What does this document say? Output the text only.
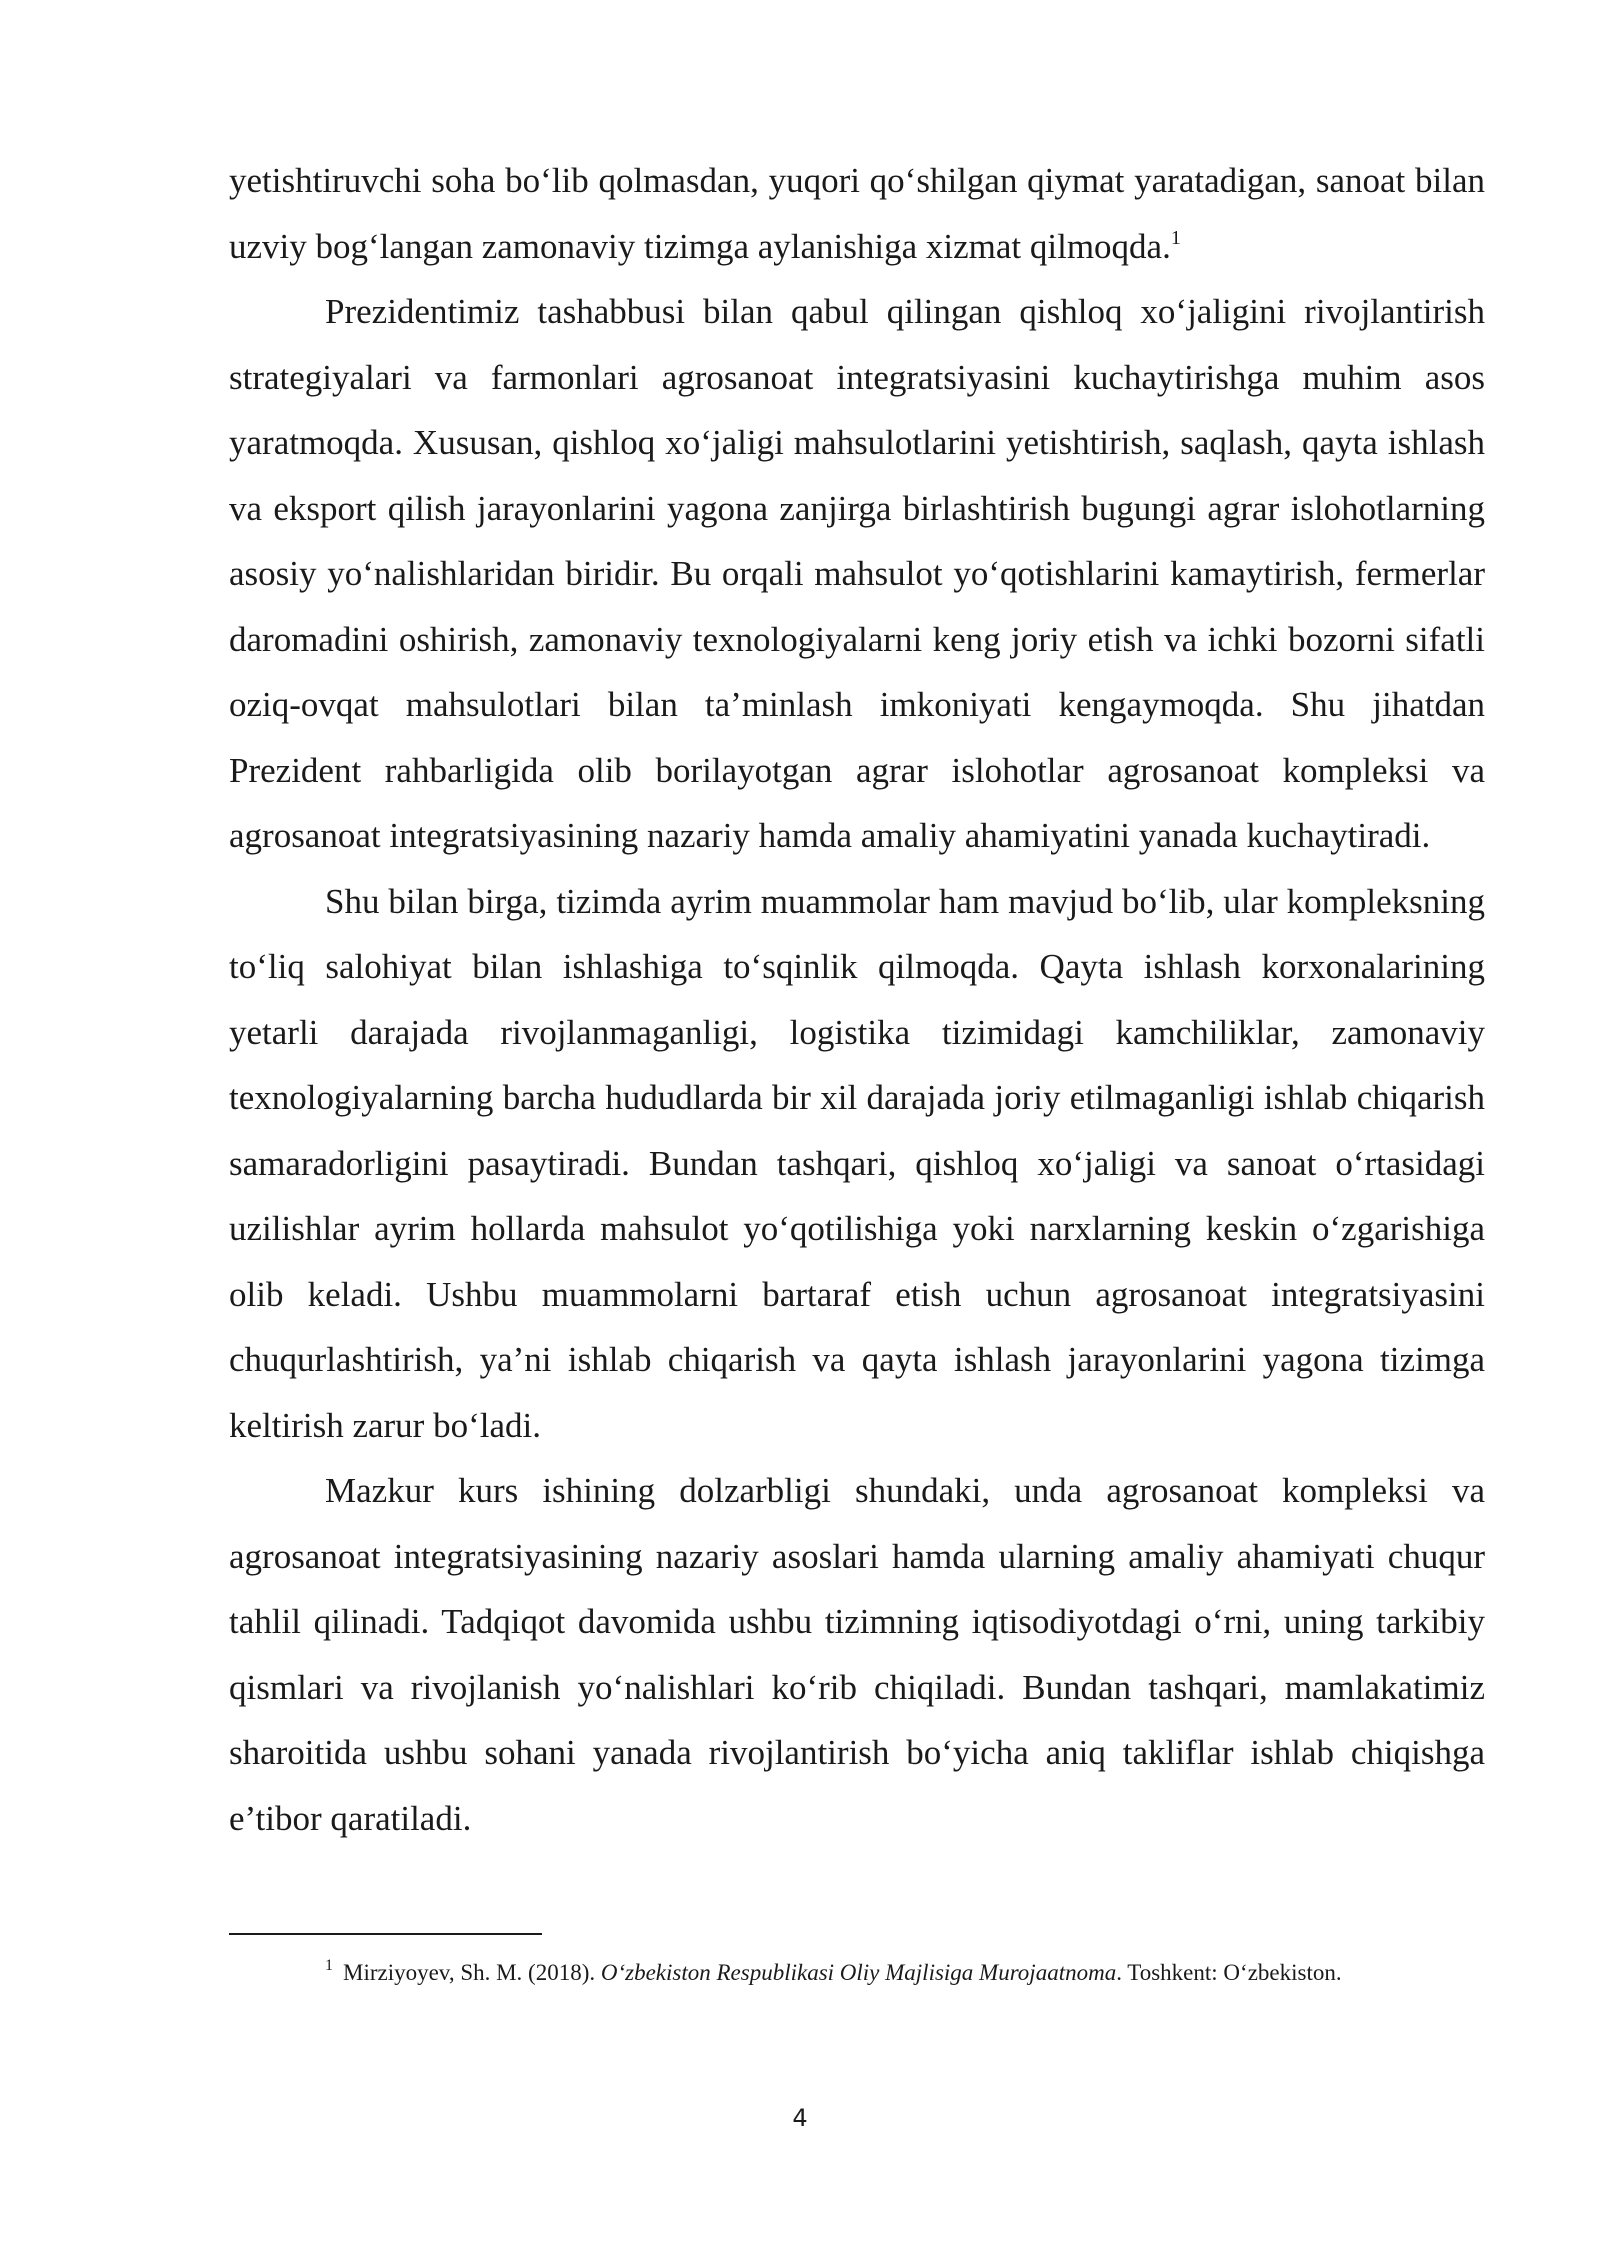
yetishtiruvchi soha bo‘lib qolmasdan, yuqori qo‘shilgan qiymat yaratadigan, sanoat bilan uzviy bog‘langan zamonaviy tizimga aylanishiga xizmat qilmoqda.$^1$

Prezidentimiz tashabbusi bilan qabul qilingan qishloq xo‘jaligini rivojlantirish strategiyalari va farmonlari agrosanoat integratsiyasini kuchaytirishga muhim asos yaratmoqda. Xususan, qishloq xo‘jaligi mahsulotlarini yetishtirish, saqlash, qayta ishlash va eksport qilish jarayonlarini yagona zanjirga birlashtirish bugungi agrar islohotlarning asosiy yo‘nalishlaridan biridir. Bu orqali mahsulot yo‘qotishlarini kamaytirish, fermerlar daromadini oshirish, zamonaviy texnologiyalarni keng joriy etish va ichki bozorni sifatli oziq-ovqat mahsulotlari bilan ta’minlash imkoniyati kengaymoqda. Shu jihatdan Prezident rahbarligida olib borilayotgan agrar islohotlar agrosanoat kompleksi va agrosanoat integratsiyasining nazariy hamda amaliy ahamiyatini yanada kuchaytiradi.

Shu bilan birga, tizimda ayrim muammolar ham mavjud bo‘lib, ular kompleksning to‘liq salohiyat bilan ishlashiga to‘sqinlik qilmoqda. Qayta ishlash korxonalarining yetarli darajada rivojlanmaganligi, logistika tizimidagi kamchiliklar, zamonaviy texnologiyalarning barcha hududlarda bir xil darajada joriy etilmaganligi ishlab chiqarish samaradorligini pasaytiradi. Bundan tashqari, qishloq xo‘jaligi va sanoat o‘rtasidagi uzilishlar ayrim hollarda mahsulot yo‘qotilishiga yoki narxlarning keskin o‘zgarishiga olib keladi. Ushbu muammolarni bartaraf etish uchun agrosanoat integratsiyasini chuqurlashtirish, ya’ni ishlab chiqarish va qayta ishlash jarayonlarini yagona tizimga keltirish zarur bo‘ladi.

Mazkur kurs ishining dolzarbligi shundaki, unda agrosanoat kompleksi va agrosanoat integratsiyasining nazariy asoslari hamda ularning amaliy ahamiyati chuqur tahlil qilinadi. Tadqiqot davomida ushbu tizimning iqtisodiyotdagi o‘rni, uning tarkibiy qismlari va rivojlanish yo‘nalishlari ko‘rib chiqiladi. Bundan tashqari, mamlakatimiz sharoitida ushbu sohani yanada rivojlantirish bo‘yicha aniq takliflar ishlab chiqishga e’tibor qaratiladi.

$^1$ Mirziyoyev, Sh. M. (2018). O‘zbekiston Respublikasi Oliy Majlisiga Murojaatnoma. Toshkent: O‘zbekiston.

4
